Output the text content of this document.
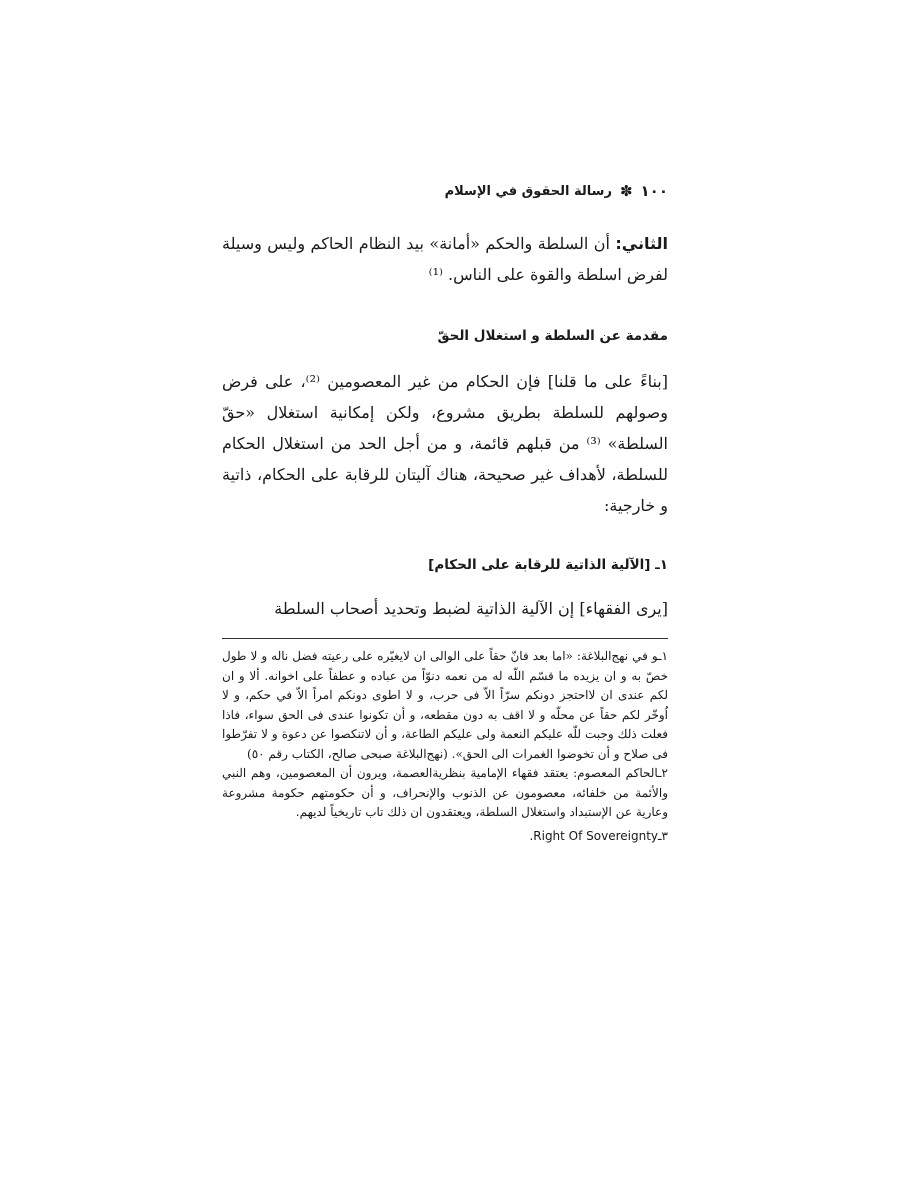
١٠٠
✽
رسالة الحقوق في الإسلام

الثاني: أن السلطة والحكم «أمانة» بيد النظام الحاكم وليس وسيلة لفرض اسلطة والقوة على الناس. ⁽¹⁾

مقدمة عن السلطة و استغلال الحقّ

[بناءً على ما قلنا] فإن الحكام من غير المعصومين ⁽²⁾، على فرض وصولهم للسلطة بطريق مشروع، ولكن إمكانية استغلال «حقّ السلطة» ⁽³⁾ من قبلهم قائمة، و من أجل الحد من استغلال الحكام للسلطة، لأهداف غير صحيحة، هناك آليتان للرقابة على الحكام، ذاتية و خارجية:

١ـ [الآلية الذاتية للرقابة على الحكام]

[يرى الفقهاء] إن الآلية الذاتية لضبط وتحديد أصحاب السلطة

١ـو في نهج‌البلاغة: «اما بعد فانّ حقاً على الوالى ان لايغيّره على رعيته فضل ناله و لا طول خصّ به و ان يزيده ما قسّم اللّه له من نعمه دنوّاً من عباده و عطفاً على اخوانه. ألا و ان لكم عندى ان لااحتجز دونكم سرّاً الاّ فى حرب، و لا اطوى دونكم امراً الاّ في حكم، و لا اُوخّر لكم حقاً عن محلّه و لا اقف به دون مقطعه، و أن تكونوا عندى فى الحق سواء، فاذا فعلت ذلك وجبت للّه عليكم النعمة ولى عليكم الطاعة، و أن لاتنكصوا عن دعوة و لا تفرّطوا فى صلاح و أن تخوضوا الغمرات الى الحق». (نهج‌البلاغة صبحى صالح، الكتاب رقم ٥٠)

٢ـالحاكم المعصوم: يعتقد فقهاء الإمامية بنظرية‌العصمة، ويرون أن المعصومين، وهم النبي والأئمة من خلفائه، معصومون عن الذنوب والإنحراف، و أن حكومتهم حكومة مشروعة وعارية عن الإستبداد واستغلال السلطة، ويعتقدون ان ذلك تاب تاريخياً لديهم.

٣ـRight Of Sovereignty.
